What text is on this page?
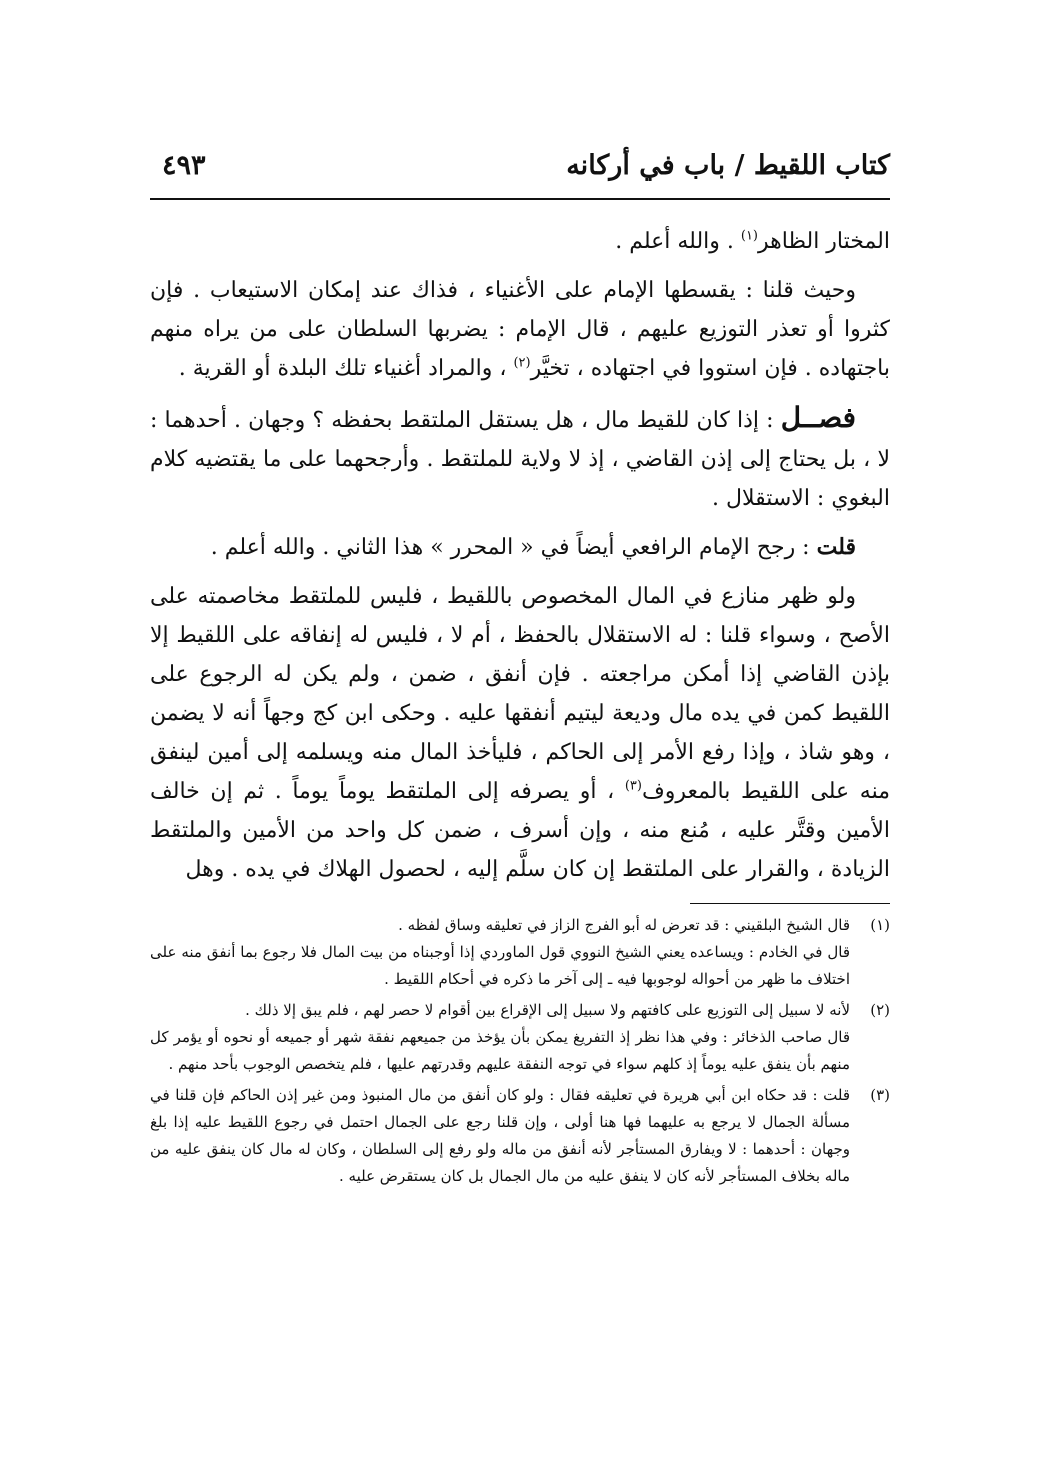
كتاب اللقيط / باب في أركانه
٤٩٣

المختار الظاهر$^{(١)}$ . والله أعلم .

وحيث قلنا : يقسطها الإمام على الأغنياء ، فذاك عند إمكان الاستيعاب . فإن كثروا أو تعذر التوزيع عليهم ، قال الإمام : يضربها السلطان على من يراه منهم باجتهاده . فإن استووا في اجتهاده ، تخيَّر$^{(٢)}$ ، والمراد أغنياء تلك البلدة أو القرية .

فصــل : إذا كان للقيط مال ، هل يستقل الملتقط بحفظه ؟ وجهان . أحدهما : لا ، بل يحتاج إلى إذن القاضي ، إذ لا ولاية للملتقط . وأرجحهما على ما يقتضيه كلام البغوي : الاستقلال .

قلت : رجح الإمام الرافعي أيضاً في « المحرر » هذا الثاني . والله أعلم .

ولو ظهر منازع في المال المخصوص باللقيط ، فليس للملتقط مخاصمته على الأصح ، وسواء قلنا : له الاستقلال بالحفظ ، أم لا ، فليس له إنفاقه على اللقيط إلا بإذن القاضي إذا أمكن مراجعته . فإن أنفق ، ضمن ، ولم يكن له الرجوع على اللقيط كمن في يده مال وديعة ليتيم أنفقها عليه . وحكى ابن كج وجهاً أنه لا يضمن ، وهو شاذ ، وإذا رفع الأمر إلى الحاكم ، فليأخذ المال منه ويسلمه إلى أمين لينفق منه على اللقيط بالمعروف$^{(٣)}$ ، أو يصرفه إلى الملتقط يوماً يوماً . ثم إن خالف الأمين وقتَّر عليه ، مُنع منه ، وإن أسرف ، ضمن كل واحد من الأمين والملتقط الزيادة ، والقرار على الملتقط إن كان سلَّم إليه ، لحصول الهلاك في يده . وهل

(١)

قال الشيخ البلقيني : قد تعرض له أبو الفرج الزاز في تعليقه وساق لفظه .

قال في الخادم : ويساعده يعني الشيخ النووي قول الماوردي إذا أوجبناه من بيت المال فلا رجوع بما أنفق منه على اختلاف ما ظهر من أحواله لوجوبها فيه ـ إلى آخر ما ذكره في أحكام اللقيط .

(٢)

لأنه لا سبيل إلى التوزيع على كافتهم ولا سبيل إلى الإقراع بين أقوام لا حصر لهم ، فلم يبق إلا ذلك .

قال صاحب الذخائر : وفي هذا نظر إذ التفريغ يمكن بأن يؤخذ من جميعهم نفقة شهر أو جميعه أو نحوه أو يؤمر كل منهم بأن ينفق عليه يوماً إذ كلهم سواء في توجه النفقة عليهم وقدرتهم عليها ، فلم يتخصص الوجوب بأحد منهم .

(٣)

قلت : قد حكاه ابن أبي هريرة في تعليقه فقال : ولو كان أنفق من مال المنبوذ ومن غير إذن الحاكم فإن قلنا في مسألة الجمال لا يرجع به عليهما فها هنا أولى ، وإن قلنا رجع على الجمال احتمل في رجوع اللقيط عليه إذا بلغ وجهان : أحدهما : لا ويفارق المستأجر لأنه أنفق من ماله ولو رفع إلى السلطان ، وكان له مال كان ينفق عليه من ماله بخلاف المستأجر لأنه كان لا ينفق عليه من مال الجمال بل كان يستقرض عليه .
